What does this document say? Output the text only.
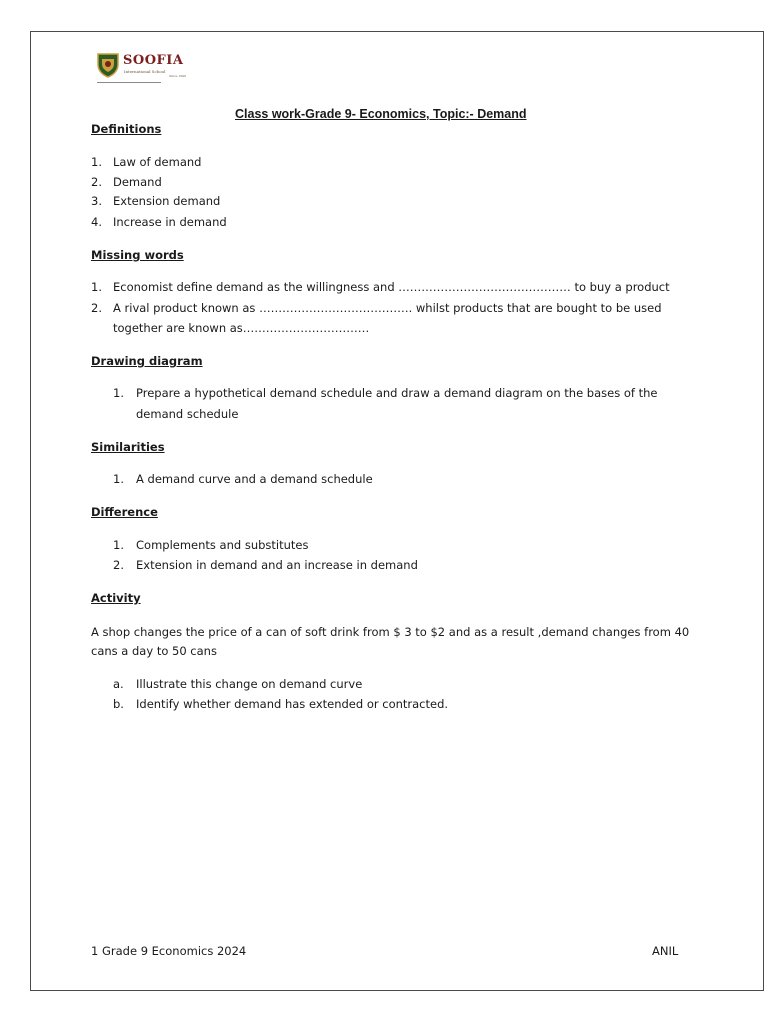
SOOFIA
International School
Since 1996
Class work-Grade 9- Economics, Topic:- Demand
Definitions
1. Law of demand
2. Demand
3. Extension demand
4. Increase in demand
Missing words
1. Economist define demand as the willingness and ……………………………………… to buy a product
2. A rival product known as …………………………………. whilst products that are bought to be used
together are known as……………………………
Drawing diagram
1. Prepare a hypothetical demand schedule and draw a demand diagram on the bases of the
demand schedule
Similarities
1. A demand curve and a demand schedule
Difference
1. Complements and substitutes
2. Extension in demand and an increase in demand
Activity
A shop changes the price of a can of soft drink from $ 3 to $2 and as a result ,demand changes from 40
cans a day to 50 cans
a. Illustrate this change on demand curve
b. Identify whether demand has extended or contracted.
1 Grade 9 Economics 2024	ANIL
